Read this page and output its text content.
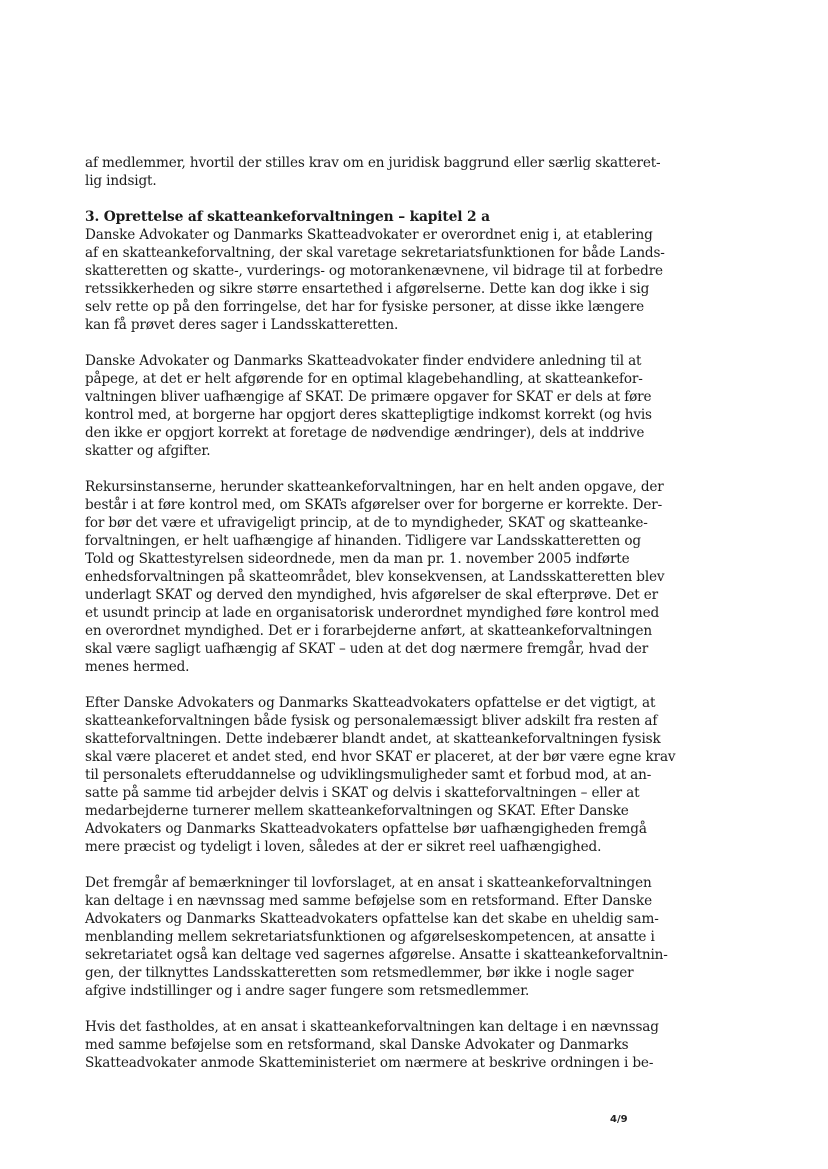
af medlemmer, hvortil der stilles krav om en juridisk baggrund eller særlig skatteret-
lig indsigt.
3. Oprettelse af skatteankeforvaltningen – kapitel 2 a
Danske Advokater og Danmarks Skatteadvokater er overordnet enig i, at etablering
af en skatteankeforvaltning, der skal varetage sekretariatsfunktionen for både Lands-
skatteretten og skatte-, vurderings- og motorankenævnene, vil bidrage til at forbedre
retssikkerheden og sikre større ensartethed i afgørelserne. Dette kan dog ikke i sig
selv rette op på den forringelse, det har for fysiske personer, at disse ikke længere
kan få prøvet deres sager i Landsskatteretten.
Danske Advokater og Danmarks Skatteadvokater finder endvidere anledning til at
påpege, at det er helt afgørende for en optimal klagebehandling, at skatteankefor-
valtningen bliver uafhængige af SKAT. De primære opgaver for SKAT er dels at føre
kontrol med, at borgerne har opgjort deres skattepligtige indkomst korrekt (og hvis
den ikke er opgjort korrekt at foretage de nødvendige ændringer), dels at inddrive
skatter og afgifter.
Rekursinstanserne, herunder skatteankeforvaltningen, har en helt anden opgave, der
består i at føre kontrol med, om SKATs afgørelser over for borgerne er korrekte. Der-
for bør det være et ufravigeligt princip, at de to myndigheder, SKAT og skatteanke-
forvaltningen, er helt uafhængige af hinanden. Tidligere var Landsskatteretten og
Told og Skattestyrelsen sideordnede, men da man pr. 1. november 2005 indførte
enhedsforvaltningen på skatteområdet, blev konsekvensen, at Landsskatteretten blev
underlagt SKAT og derved den myndighed, hvis afgørelser de skal efterprøve. Det er
et usundt princip at lade en organisatorisk underordnet myndighed føre kontrol med
en overordnet myndighed. Det er i forarbejderne anført, at skatteankeforvaltningen
skal være sagligt uafhængig af SKAT – uden at det dog nærmere fremgår, hvad der
menes hermed.
Efter Danske Advokaters og Danmarks Skatteadvokaters opfattelse er det vigtigt, at
skatteankeforvaltningen både fysisk og personalemæssigt bliver adskilt fra resten af
skatteforvaltningen. Dette indebærer blandt andet, at skatteankeforvaltningen fysisk
skal være placeret et andet sted, end hvor SKAT er placeret, at der bør være egne krav
til personalets efteruddannelse og udviklingsmuligheder samt et forbud mod, at an-
satte på samme tid arbejder delvis i SKAT og delvis i skatteforvaltningen – eller at
medarbejderne turnerer mellem skatteankeforvaltningen og SKAT. Efter Danske
Advokaters og Danmarks Skatteadvokaters opfattelse bør uafhængigheden fremgå
mere præcist og tydeligt i loven, således at der er sikret reel uafhængighed.
Det fremgår af bemærkninger til lovforslaget, at en ansat i skatteankeforvaltningen
kan deltage i en nævnssag med samme beføjelse som en retsformand. Efter Danske
Advokaters og Danmarks Skatteadvokaters opfattelse kan det skabe en uheldig sam-
menblanding mellem sekretariatsfunktionen og afgørelseskompetencen, at ansatte i
sekretariatet også kan deltage ved sagernes afgørelse. Ansatte i skatteankeforvaltnin-
gen, der tilknyttes Landsskatteretten som retsmedlemmer, bør ikke i nogle sager
afgive indstillinger og i andre sager fungere som retsmedlemmer.
Hvis det fastholdes, at en ansat i skatteankeforvaltningen kan deltage i en nævnssag
med samme beføjelse som en retsformand, skal Danske Advokater og Danmarks
Skatteadvokater anmode Skatteministeriet om nærmere at beskrive ordningen i be-
4/9
